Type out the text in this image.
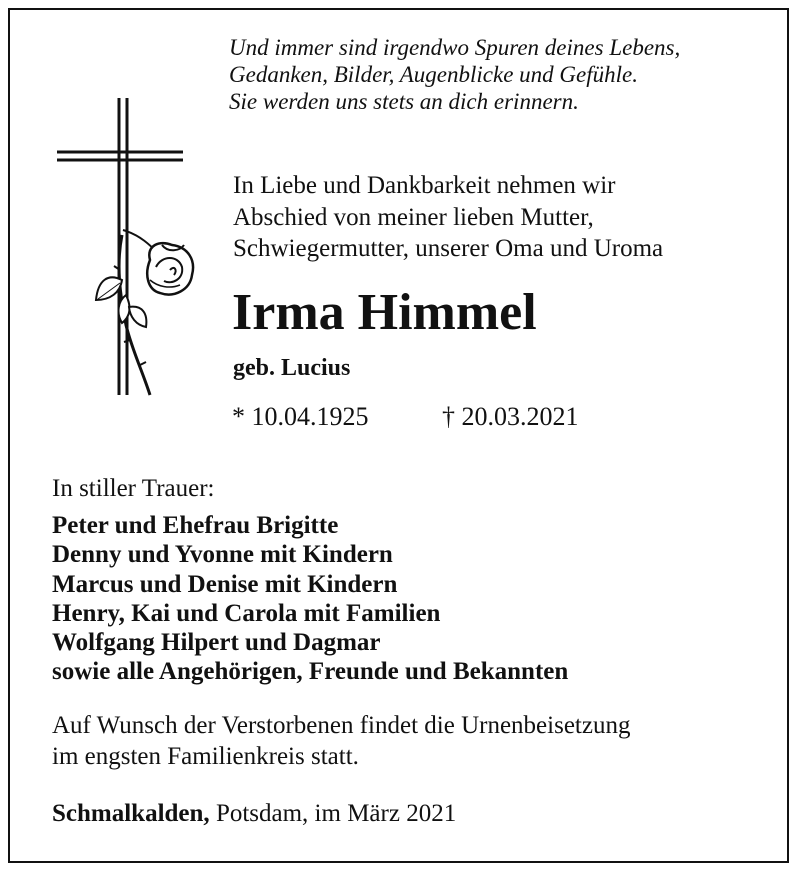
Und immer sind irgendwo Spuren deines Lebens,
Gedanken, Bilder, Augenblicke und Gefühle.
Sie werden uns stets an dich erinnern.
In Liebe und Dankbarkeit nehmen wir
Abschied von meiner lieben Mutter,
Schwiegermutter, unserer Oma und Uroma
Irma Himmel
geb. Lucius
* 10.04.1925	† 20.03.2021
In stiller Trauer:
Peter und Ehefrau Brigitte
Denny und Yvonne mit Kindern
Marcus und Denise mit Kindern
Henry, Kai und Carola mit Familien
Wolfgang Hilpert und Dagmar
sowie alle Angehörigen, Freunde und Bekannten
Auf Wunsch der Verstorbenen findet die Urnenbeisetzung
im engsten Familienkreis statt.
Schmalkalden, Potsdam, im März 2021
